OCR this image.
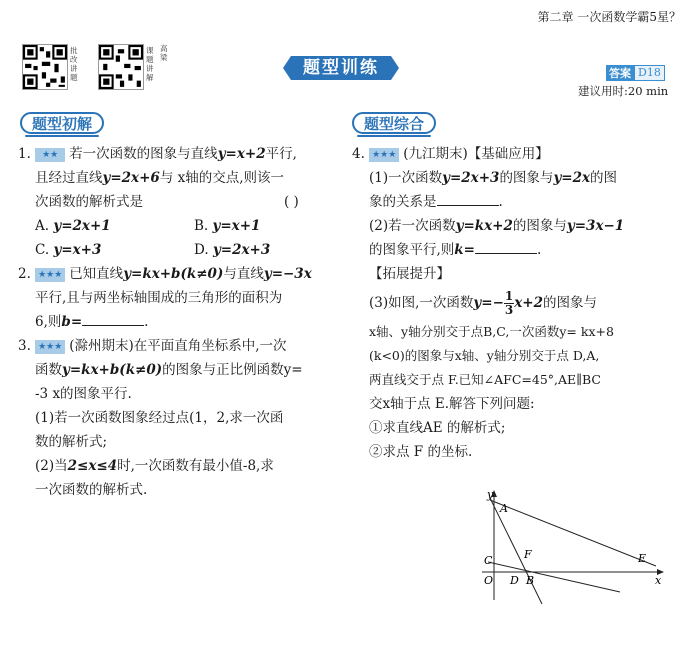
第二章 一次函数学霸5星？
批改讲题
课题讲解
高梁
题型训练	答案 D18
建议用时:20 min
题型初解	题型综合
1. ★★ 若一次函数的图象与直线y=x+2平行,
且经过直线y=2x+6与 x轴的交点,则该一
次函数的解析式是	( )
A. y=2x+1	B. y=x+1
C. y=x+3	D. y=2x+3
2. ★★★ 已知直线y=kx+b(k≠0)与直线y=−3x
平行,且与两坐标轴围成的三角形的面积为
6,则b=	.
3. ★★★ (滁州期末)在平面直角坐标系中,一次
函数y=kx+b(k≠0)的图象与正比例函数y=
-3 x的图象平行.
(1)若一次函数图象经过点(1，2,求一次函
数的解析式;
(2)当2≤x≤4时,一次函数有最小值-8,求
一次函数的解析式.
4. ★★★ (九江期末)【基础应用】
(1)一次函数y=2x+3的图象与y=2x的图
象的关系是	.
(2)若一次函数y=kx+2的图象与y=3x−1
的图象平行,则k=	.
【拓展提升】
(3)如图,一次函数$y=- \frac{1}{3} x+2$的图象与
x轴、y轴分别交于点B,C,一次函数y= kx+8
(k<0)的图象与x轴、y轴分别交于点 D,A,
两直线交于点 F.已知∠AFC=45°,AE∥BC
交x轴于点 E.解答下列问题:
①求直线AE 的解析式;
②求点 F 的坐标.
y
x
A
C
O D B
F	E
